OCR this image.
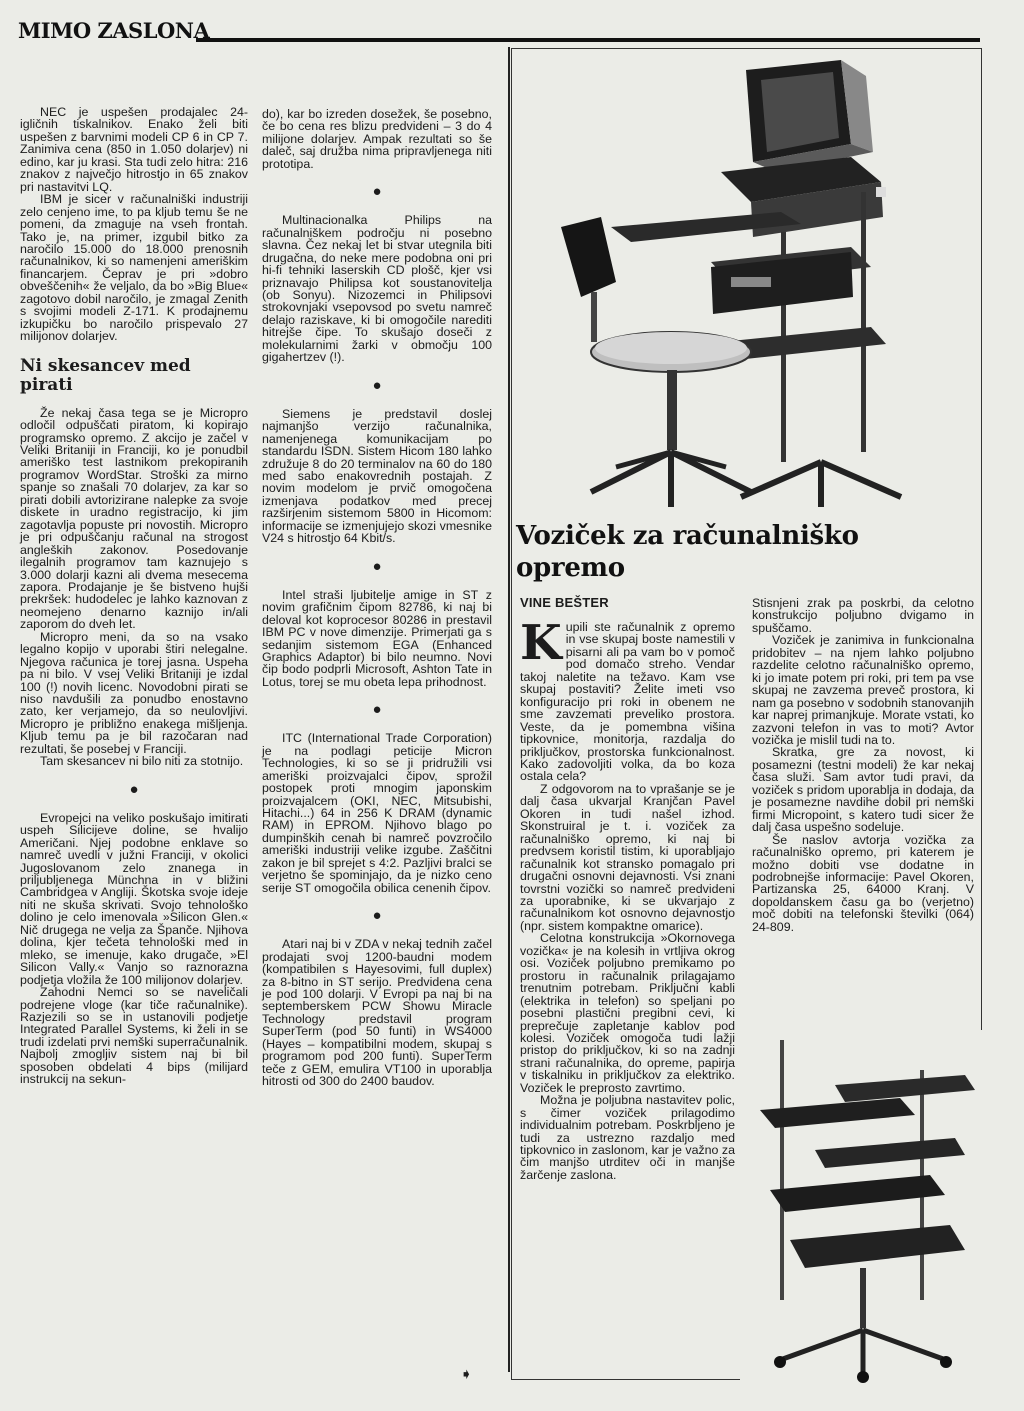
MIMO ZASLONA

NEC je uspešen prodajalec 24-igličnih tiskalnikov. Enako želi biti uspešen z barvnimi modeli CP 6 in CP 7. Zanimiva cena (850 in 1.050 dolarjev) ni edino, kar ju krasi. Sta tudi zelo hitra: 216 znakov z največjo hitrostjo in 65 znakov pri nastavitvi LQ.

IBM je sicer v računalniški industriji zelo cenjeno ime, to pa kljub temu še ne pomeni, da zmaguje na vseh frontah. Tako je, na primer, izgubil bitko za naročilo 15.000 do 18.000 prenosnih računalnikov, ki so namenjeni ameriškim financarjem. Čeprav je pri »dobro obveščenih« že veljalo, da bo »Big Blue« zagotovo dobil naročilo, je zmagal Zenith s svojimi modeli Z-171. K prodajnemu izkupičku bo naročilo prispevalo 27 milijonov dolarjev.

Ni skesancev med pirati

Že nekaj časa tega se je Micropro odločil odpuščati piratom, ki kopirajo programsko opremo. Z akcijo je začel v Veliki Britaniji in Franciji, ko je ponudbil ameriško test lastnikom prekopiranih programov WordStar. Stroški za mirno spanje so znašali 70 dolarjev, za kar so pirati dobili avtorizirane nalepke za svoje diskete in uradno registracijo, ki jim zagotavlja popuste pri novostih. Micropro je pri odpuščanju računal na strogost angleških zakonov. Posedovanje ilegalnih programov tam kaznujejo s 3.000 dolarji kazni ali dvema mesecema zapora. Prodajanje je še bistveno hujši prekršek: hudodelec je lahko kaznovan z neomejeno denarno kaznijo in/ali zaporom do dveh let.

Micropro meni, da so na vsako legalno kopijo v uporabi štiri nelegalne. Njegova računica je torej jasna. Uspeha pa ni bilo. V vsej Veliki Britaniji je izdal 100 (!) novih licenc. Novodobni pirati se niso navdušili za ponudbo enostavno zato, ker verjamejo, da so neulovljivi. Micropro je približno enakega mišljenja. Kljub temu pa je bil razočaran nad rezultati, še posebej v Franciji.

Tam skesancev ni bilo niti za stotnijo.

●

Evropejci na veliko poskušajo imitirati uspeh Silicijeve doline, se hvalijo Američani. Njej podobne enklave so namreč uvedli v južni Franciji, v okolici Jugoslovanom zelo znanega in priljubljenega Münchna in v bližini Cambridgea v Angliji. Škotska svoje ideje niti ne skuša skrivati. Svojo tehnološko dolino je celo imenovala »Silicon Glen.« Nič drugega ne velja za Španče. Njihova dolina, kjer tečeta tehnološki med in mleko, se imenuje, kako drugače, »El Silicon Vally.« Vanjo so raznorazna podjetja vložila že 100 milijonov dolarjev.

Zahodni Nemci so se naveličali podrejene vloge (kar tiče računalnike). Razjezili so se in ustanovili podjetje Integrated Parallel Systems, ki želi in se trudi izdelati prvi nemški superračunalnik. Najbolj zmogljiv sistem naj bi bil sposoben obdelati 4 bips (milijard instrukcij na sekun-

do), kar bo izreden dosežek, še posebno, če bo cena res blizu predvideni – 3 do 4 milijone dolarjev. Ampak rezultati so še daleč, saj družba nima pripravljenega niti prototipa.

●

Multinacionalka Philips na računalniškem področju ni posebno slavna. Čez nekaj let bi stvar utegnila biti drugačna, do neke mere podobna oni pri hi-fi tehniki laserskih CD plošč, kjer vsi priznavajo Philipsa kot soustanovitelja (ob Sonyu). Nizozemci in Philipsovi strokovnjaki vsepovsod po svetu namreč delajo raziskave, ki bi omogočile narediti hitrejše čipe. To skušajo doseči z molekularnimi žarki v območju 100 gigahertzev (!).

●

Siemens je predstavil doslej najmanjšo verzijo računalnika, namenjenega komunikacijam po standardu ISDN. Sistem Hicom 180 lahko združuje 8 do 20 terminalov na 60 do 180 med sabo enakovrednih postajah. Z novim modelom je prvič omogočena izmenjava podatkov med precej razširjenim sistemom 5800 in Hicomom: informacije se izmenjujejo skozi vmesnike V24 s hitrostjo 64 Kbit/s.

●

Intel straši ljubitelje amige in ST z novim grafičnim čipom 82786, ki naj bi deloval kot koprocesor 80286 in prestavil IBM PC v nove dimenzije. Primerjati ga s sedanjim sistemom EGA (Enhanced Graphics Adaptor) bi bilo neumno. Novi čip bodo podprli Microsoft, Ashton Tate in Lotus, torej se mu obeta lepa prihodnost.

●

ITC (International Trade Corporation) je na podlagi peticije Micron Technologies, ki so se ji pridružili vsi ameriški proizvajalci čipov, sprožil postopek proti mnogim japonskim proizvajalcem (OKI, NEC, Mitsubishi, Hitachi...) 64 in 256 K DRAM (dynamic RAM) in EPROM. Njihovo blago po dumpinških cenah bi namreč povzročilo ameriški industriji velike izgube. Zaščitni zakon je bil sprejet s 4:2. Pazljivi bralci se verjetno še spominjajo, da je nizko ceno serije ST omogočila obilica cenenih čipov.

●

Atari naj bi v ZDA v nekaj tednih začel prodajati svoj 1200-baudni modem (kompatibilen s Hayesovimi, full duplex) za 8-bitno in ST serijo. Predvidena cena je pod 100 dolarji. V Evropi pa naj bi na septemberskem PCW Showu Miracle Technology predstavil program SuperTerm (pod 50 funti) in WS4000 (Hayes – kompatibilni modem, skupaj s programom pod 200 funti). SuperTerm teče z GEM, emulira VT100 in uporablja hitrosti od 300 do 2400 baudov.

➧
Voziček za računalniško opremo
VINE BEŠTER

Kupili ste računalnik z opremo in vse skupaj boste namestili v pisarni ali pa vam bo v pomoč pod domačo streho. Vendar takoj naletite na težavo. Kam vse skupaj postaviti? Želite imeti vso konfiguracijo pri roki in obenem ne sme zavzemati preveliko prostora. Veste, da je pomembna višina tipkovnice, monitorja, razdalja do priključkov, prostorska funkcionalnost. Kako zadovoljiti volka, da bo koza ostala cela?

Z odgovorom na to vprašanje se je dalj časa ukvarjal Kranjčan Pavel Okoren in tudi našel izhod. Skonstruiral je t. i. voziček za računalniško opremo, ki naj bi predvsem koristil tistim, ki uporabljajo računalnik kot stransko pomagalo pri drugačni osnovni dejavnosti. Vsi znani tovrstni vozički so namreč predvideni za uporabnike, ki se ukvarjajo z računalnikom kot osnovno dejavnostjo (npr. sistem kompaktne omarice).

Celotna konstrukcija »Okornovega vozička« je na kolesih in vrtljiva okrog osi. Voziček poljubno premikamo po prostoru in računalnik prilagajamo trenutnim potrebam. Priključni kabli (elektrika in telefon) so speljani po posebni plastični pregibni cevi, ki preprečuje zapletanje kablov pod kolesi. Voziček omogoča tudi lažji pristop do priključkov, ki so na zadnji strani računalnika, do opreme, papirja v tiskalniku in priključkov za elektriko. Voziček le preprosto zavrtimo.

Možna je poljubna nastavitev polic, s čimer voziček prilagodimo individualnim potrebam. Poskrbljeno je tudi za ustrezno razdaljo med tipkovnico in zaslonom, kar je važno za čim manjšo utrditev oči in manjše žarčenje zaslona.

Stisnjeni zrak pa poskrbi, da celotno konstrukcijo poljubno dvigamo in spuščamo.

Voziček je zanimiva in funkcionalna pridobitev – na njem lahko poljubno razdelite celotno računalniško opremo, ki jo imate potem pri roki, pri tem pa vse skupaj ne zavzema preveč prostora, ki nam ga posebno v sodobnih stanovanjih kar naprej primanjkuje. Morate vstati, ko zazvoni telefon in vas to moti? Avtor vozička je mislil tudi na to.

Skratka, gre za novost, ki posamezni (testni modeli) že kar nekaj časa služi. Sam avtor tudi pravi, da voziček s pridom uporablja in dodaja, da je posamezne navdihe dobil pri nemški firmi Micropoint, s katero tudi sicer že dalj časa uspešno sodeluje.

Še naslov avtorja vozička za računalniško opremo, pri katerem je možno dobiti vse dodatne in podrobnejše informacije: Pavel Okoren, Partizanska 25, 64000 Kranj. V dopoldanskem času ga bo (verjetno) moč dobiti na telefonski številki (064) 24-809.
